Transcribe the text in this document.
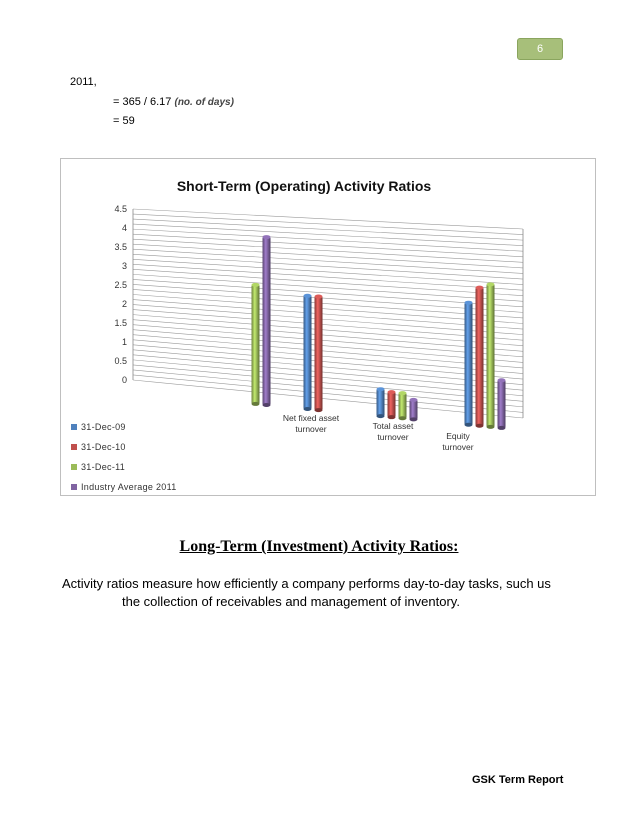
6
2011,
= 365 / 6.17 (no. of days)
= 59
Short-Term (Operating) Activity Ratios
0
0.5
1
1.5
2
2.5
3
3.5
4
4.5
Net fixed asset
turnover	Total asset
turnover	Equity
turnover
31-Dec-09
31-Dec-10
31-Dec-11
Industry Average 2011
Long-Term (Investment) Activity Ratios:
Activity ratios measure how efficiently a company performs day-to-day tasks, such us
the collection of receivables and management of inventory.
GSK Term Report
